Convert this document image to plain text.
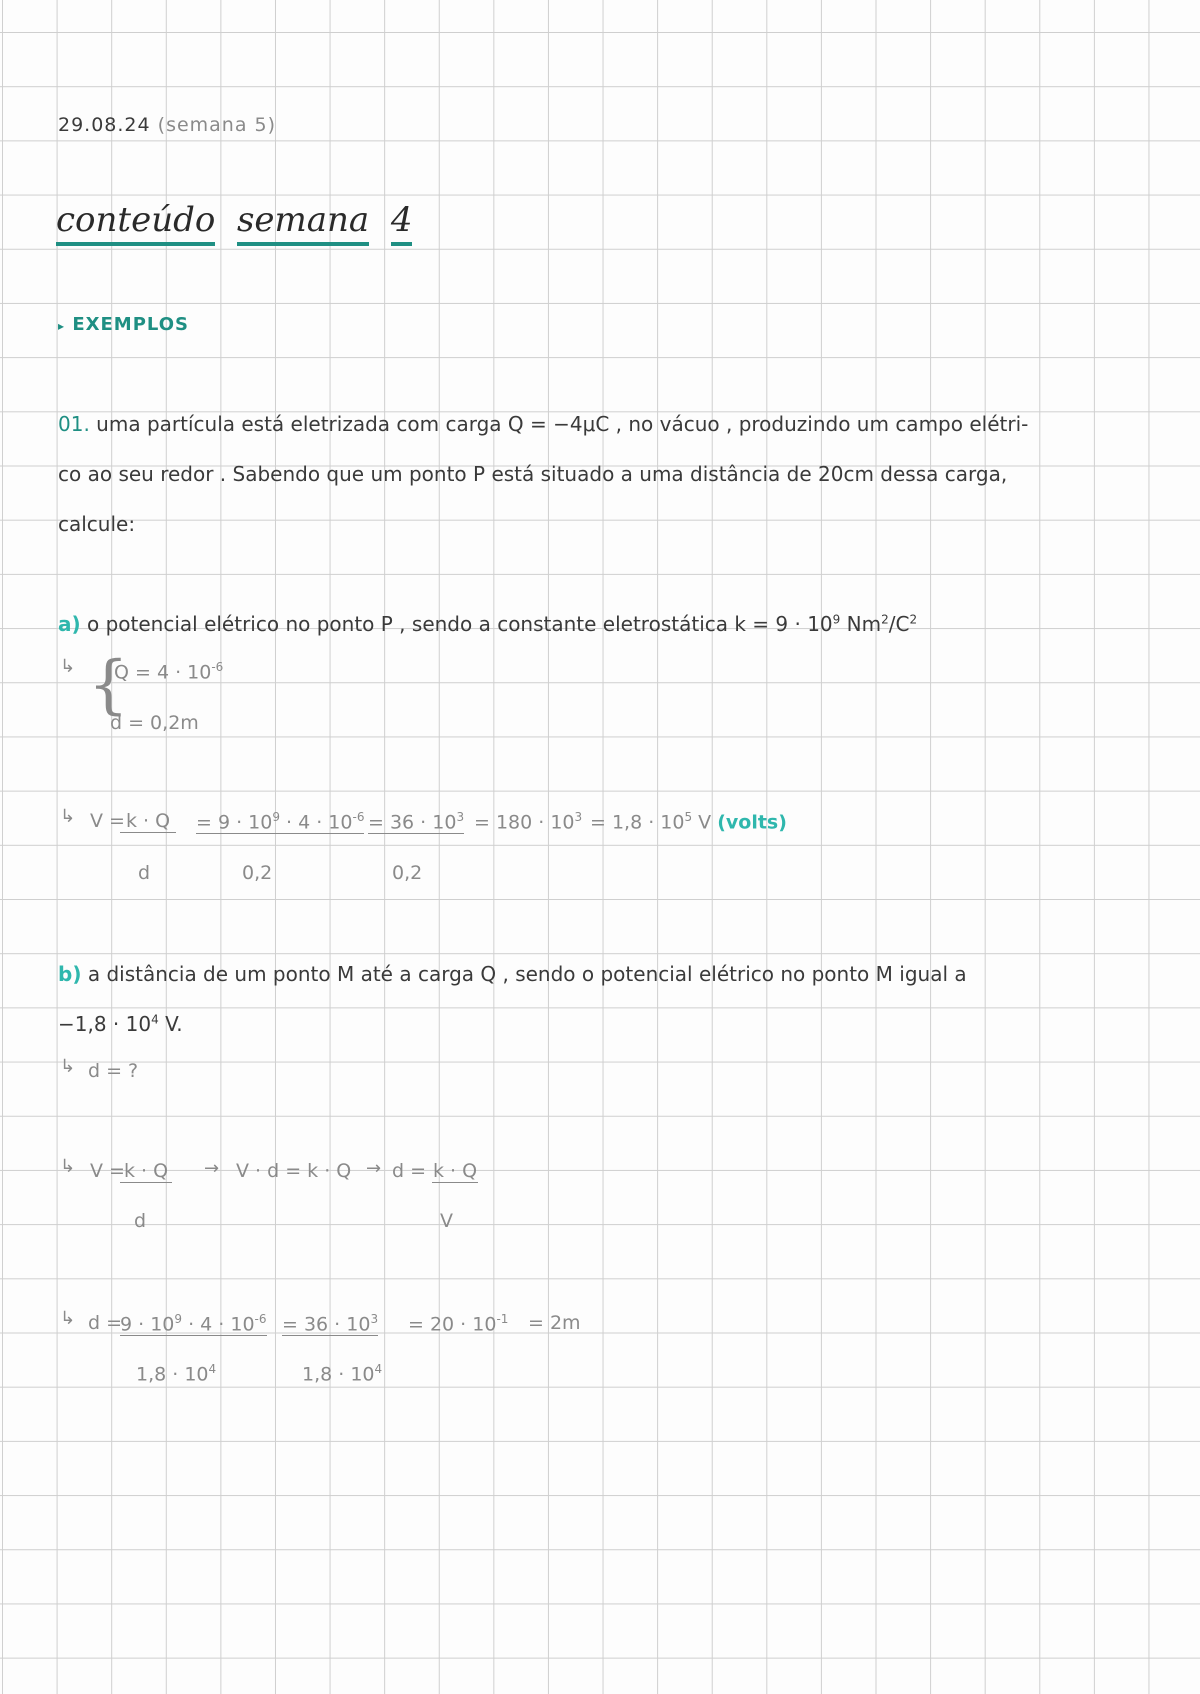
29.08.24 (semana 5)
conteúdo semana 4
▸ EXEMPLOS
01. uma partícula está eletrizada com carga Q = −4μC , no vácuo , produzindo um campo elétri-
co ao seu redor . Sabendo que um ponto P está situado a uma distância de 20cm dessa carga,
calcule:
a) o potencial elétrico no ponto P , sendo a constante eletrostática $k = 9 \cdot 10^9$ $Nm^2/C^2$
↳ {
$Q = 4 \cdot 10^{-6}$
d = 0,2m
↳ V = k · Q
d
= $9 \cdot 10^9 \cdot 4 \cdot 10^{-6}$
0,2
= $36 \cdot 10^3$
0,2
= $180 \cdot 10^3 = 1,8 \cdot 10^5$ V (volts)
b) a distância de um ponto M até a carga Q , sendo o potencial elétrico no ponto M igual a
$-1,8 \cdot 10^4$ V.
↳ d = ?
↳ V =
k · Q
d
→ V · d = k · Q → d = k · Q
V
↳ d =
$9 \cdot 10^9 \cdot 4 \cdot 10^{-6}$
$1,8 \cdot 10^4$
= $36 \cdot 10^3$
$1,8 \cdot 10^4$
= $20 \cdot 10^{-1} = 2m$
